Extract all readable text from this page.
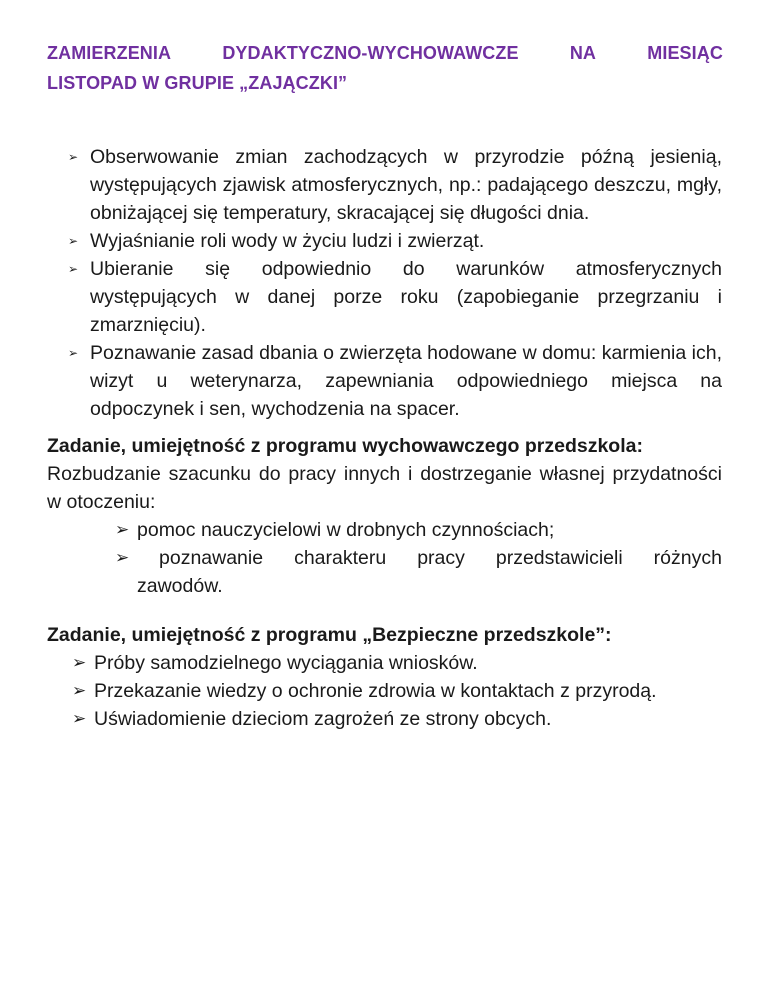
ZAMIERZENIA	DYDAKTYCZNO-WYCHOWAWCZE	NA	MIESIĄC
LISTOPAD W GRUPIE „ZAJĄCZKI”
➢ Obserwowanie zmian zachodzących w przyrodzie późną jesienią, występujących zjawisk atmosferycznych, np.: padającego deszczu, mgły, obniżającej się temperatury, skracającej się długości dnia.
➢ Wyjaśnianie roli wody w życiu ludzi i zwierząt.
➢ Ubieranie się odpowiednio do warunków atmosferycznych występujących w danej porze roku (zapobieganie przegrzaniu i zmarznięciu).
➢ Poznawanie zasad dbania o zwierzęta hodowane w domu: karmienia ich, wizyt u weterynarza, zapewniania odpowiedniego miejsca na odpoczynek i sen, wychodzenia na spacer.
Zadanie, umiejętność z programu wychowawczego przedszkola:
Rozbudzanie szacunku do pracy innych i dostrzeganie własnej przydatności w otoczeniu:
➢ pomoc nauczycielowi w drobnych czynnościach;
➢ poznawanie charakteru pracy przedstawicieli różnych
zawodów.
Zadanie, umiejętność z programu „Bezpieczne przedszkole”:
➢ Próby samodzielnego wyciągania wniosków.
➢ Przekazanie wiedzy o ochronie zdrowia w kontaktach z przyrodą.
➢ Uświadomienie dzieciom zagrożeń ze strony obcych.
